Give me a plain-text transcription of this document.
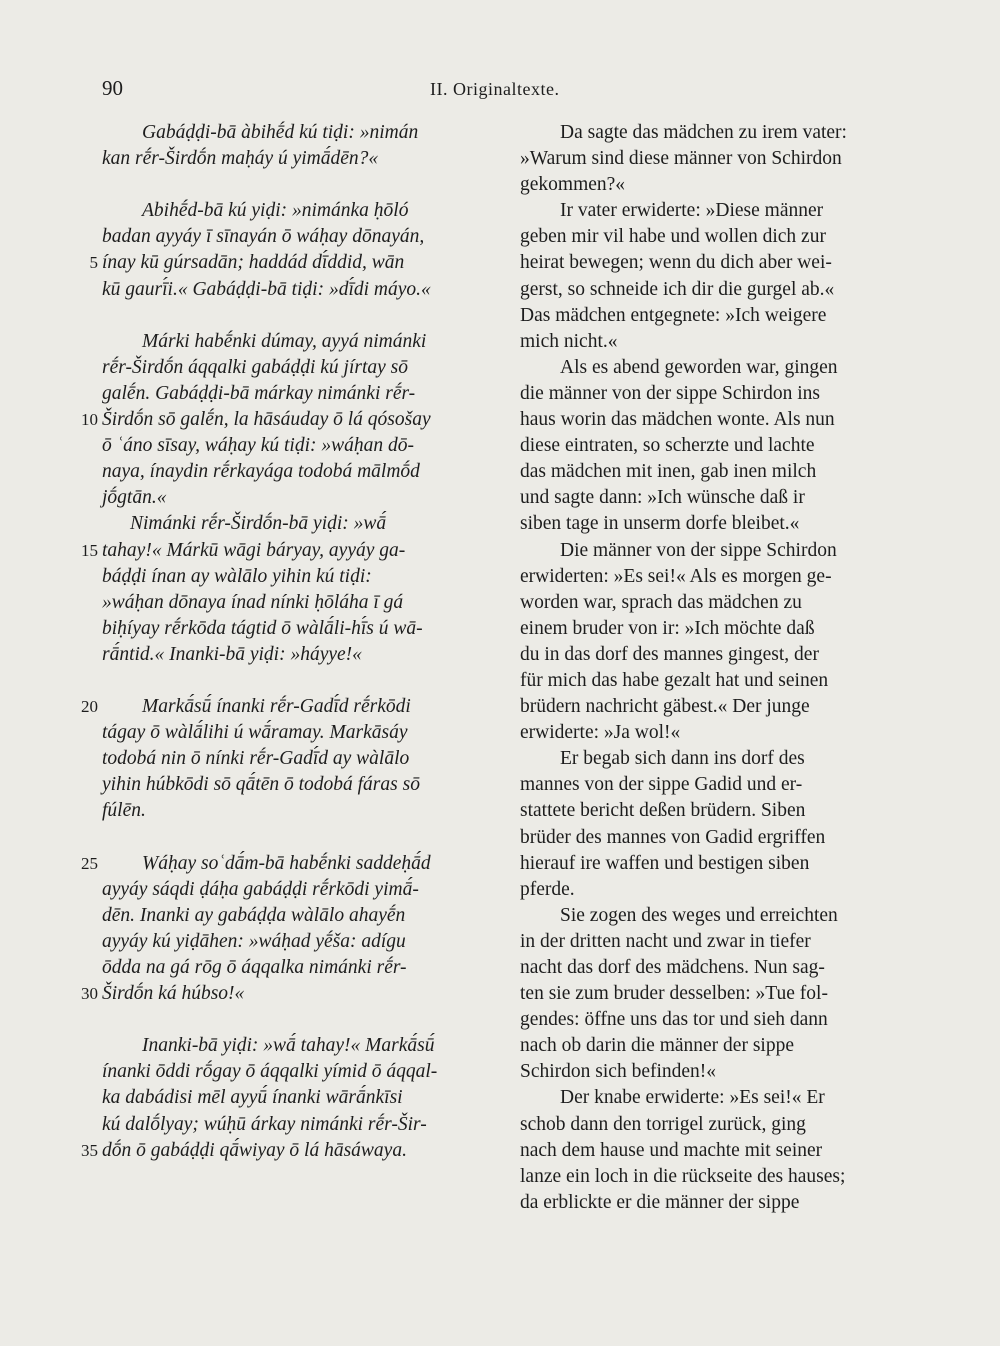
90	II. Originaltexte.
Gabáḍḍi-bā àbihḗd kú tiḍi: »nimán
kan rḗr-Širdṓn maḥáy ú yimā́dēn?«
Abihḗd-bā kú yiḍi: »nimánka ḥōló
badan ayyáy ī sīnayán ō wáḥay dōnayán,
5 ínay kū gúrsadān; haddád dī́ddid, wān
kū gaurī́i.« Gabáḍḍi-bā tiḍi: »dī́di máyo.«
Márki habḗnki dúmay, ayyá nimánki
rḗr-Širdṓn áqqalki gabáḍḍi kú jírtay sō
galḗn. Gabáḍḍi-bā márkay nimánki rḗr-
10 Širdṓn sō galḗn, la hāsáuday ō lá qósošay
ō ʿáno sīsay, wáḥay kú tiḍi: »wáḥan dō-
naya, ínaydin rḗrkayága todobá mālmṓd
jṓgtān.«
Nimánki rḗr-Širdṓn-bā yiḍi: »wā́
15 tahay!« Márkū wāgi báryay, ayyáy ga-
báḍḍi ínan ay wàlālo yihin kú tiḍi:
»wáḥan dōnaya ínad nínki ḥōláha ī gá
biḥíyay rḗrkōda tágtid ō wàlā́li-hī́s ú wā-
rā́ntid.« Inanki-bā yiḍi: »háyye!«
20 Markā́sū́ ínanki rḗr-Gadī́d rḗrkōdi
tágay ō wàlā́lihi ú wā́ramay. Markāsáy
todobá nin ō nínki rḗr-Gadī́d ay wàlālo
yihin húbkōdi sō qā́tēn ō todobá fáras sō
fúlēn.
25 Wáḥay soʿdā́m-bā habḗnki saddeḥā́d
ayyáy sáqdi ḍáḥa gabáḍḍi rḗrkōdi yimā́-
dēn. Inanki ay gabáḍḍa wàlālo ahayḗn
ayyáy kú yiḍāhen: »wáḥad yḗša: adígu
ōdda na gá rōg ō áqqalka nimánki rḗr-
30 Širdṓn ká húbso!«
Inanki-bā yiḍi: »wā́ tahay!« Markā́sū́
ínanki ōddi rṓgay ō áqqalki yímid ō áqqal-
ka dabádisi mēl ayyū́ ínanki wārā́nkīsi
kú dalṓlyay; wúḥū árkay nimánki rḗr-Šir-
35 dṓn ō gabáḍḍi qā́wiyay ō lá hāsáwaya.
Da sagte das mädchen zu irem vater:
»Warum sind diese männer von Schirdon
gekommen?«
Ir vater erwiderte: »Diese männer
geben mir vil habe und wollen dich zur
heirat bewegen; wenn du dich aber wei-
gerst, so schneide ich dir die gurgel ab.«
Das mädchen entgegnete: »Ich weigere
mich nicht.«
Als es abend geworden war, gingen
die männer von der sippe Schirdon ins
haus worin das mädchen wonte. Als nun
diese eintraten, so scherzte und lachte
das mädchen mit inen, gab inen milch
und sagte dann: »Ich wünsche daß ir
siben tage in unserm dorfe bleibet.«
Die männer von der sippe Schirdon
erwiderten: »Es sei!« Als es morgen ge-
worden war, sprach das mädchen zu
einem bruder von ir: »Ich möchte daß
du in das dorf des mannes gingest, der
für mich das habe gezalt hat und seinen
brüdern nachricht gäbest.« Der junge
erwiderte: »Ja wol!«
Er begab sich dann ins dorf des
mannes von der sippe Gadid und er-
stattete bericht deßen brüdern. Siben
brüder des mannes von Gadid ergriffen
hierauf ire waffen und bestigen siben
pferde.
Sie zogen des weges und erreichten
in der dritten nacht und zwar in tiefer
nacht das dorf des mädchens. Nun sag-
ten sie zum bruder desselben: »Tue fol-
gendes: öffne uns das tor und sieh dann
nach ob darin die männer der sippe
Schirdon sich befinden!«
Der knabe erwiderte: »Es sei!« Er
schob dann den torrigel zurück, ging
nach dem hause und machte mit seiner
lanze ein loch in die rückseite des hauses;
da erblickte er die männer der sippe
